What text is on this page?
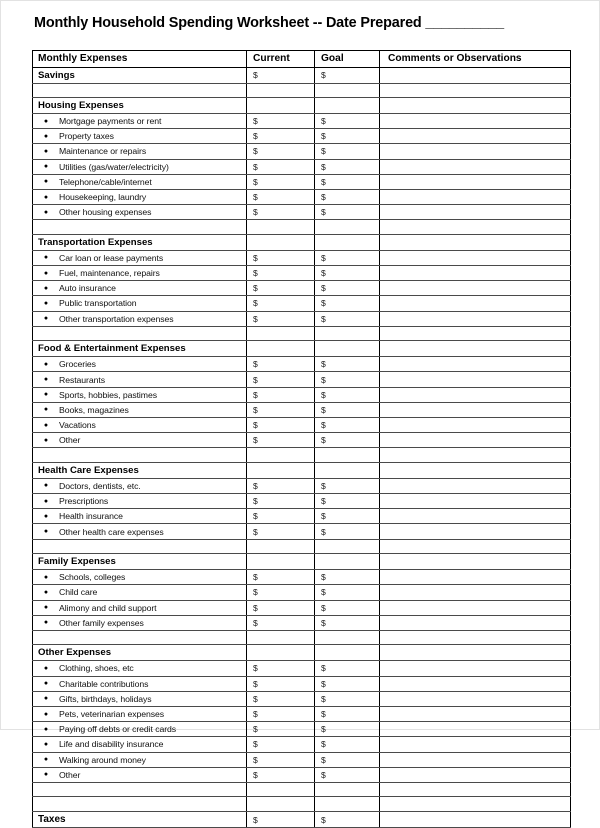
Monthly Household Spending Worksheet -- Date Prepared __________
Monthly Expenses	Current	Goal	Comments or Observations
Savings	$	$	

Housing Expenses			

● Mortgage payments or rent	$	$	

● Property taxes	$	$	

● Maintenance or repairs	$	$	

● Utilities (gas/water/electricity)	$	$	

● Telephone/cable/internet	$	$	

● Housekeeping, laundry	$	$	

● Other housing expenses	$	$	

Transportation Expenses			

● Car loan or lease payments	$	$	

● Fuel, maintenance, repairs	$	$	

● Auto insurance	$	$	

● Public transportation	$	$	

● Other transportation expenses	$	$	

Food & Entertainment Expenses			

● Groceries	$	$	

● Restaurants	$	$	

● Sports, hobbies, pastimes	$	$	

● Books, magazines	$	$	

● Vacations	$	$	

● Other	$	$	

Health Care Expenses			

● Doctors, dentists, etc.	$	$	

● Prescriptions	$	$	

● Health insurance	$	$	

● Other health care expenses	$	$	

Family Expenses			

● Schools, colleges	$	$	

● Child care	$	$	

● Alimony and child support	$	$	

● Other family expenses	$	$	

Other Expenses			

● Clothing, shoes, etc	$	$	

● Charitable contributions	$	$	

● Gifts, birthdays, holidays	$	$	

● Pets, veterinarian expenses	$	$	

● Paying off debts or credit cards	$	$	

● Life and disability insurance	$	$	

● Walking around money	$	$	

● Other	$	$	

Taxes	$	$	
